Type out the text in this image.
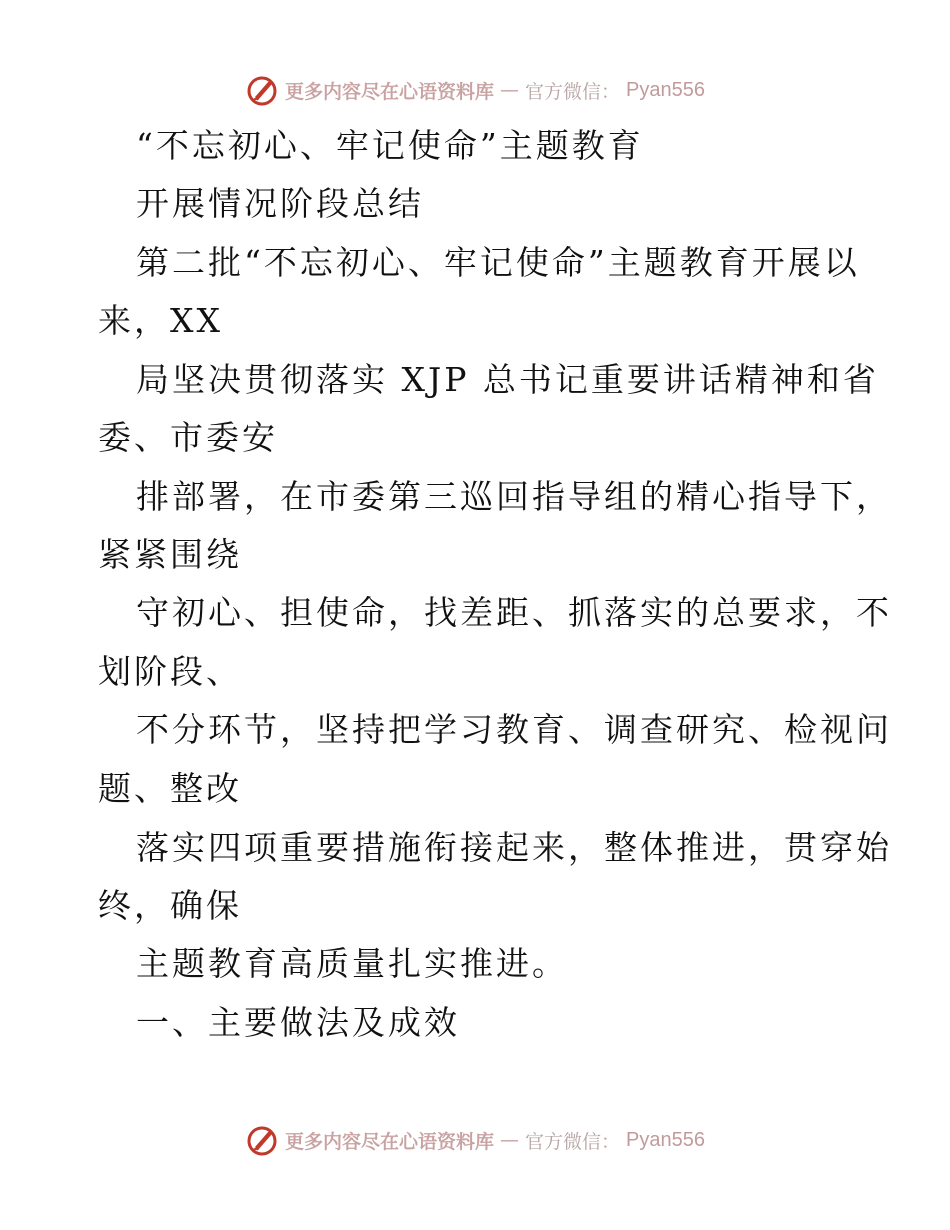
更多内容尽在心语资料库 — 官方微信： Pyan556
“不忘初心、牢记使命”主题教育
开展情况阶段总结
第二批“不忘初心、牢记使命”主题教育开展以
来，XX
局坚决贯彻落实 XJP 总书记重要讲话精神和省
委、市委安
排部署，在市委第三巡回指导组的精心指导下，
紧紧围绕
守初心、担使命，找差距、抓落实的总要求，不
划阶段、
不分环节，坚持把学习教育、调查研究、检视问
题、整改
落实四项重要措施衔接起来，整体推进，贯穿始
终，确保
主题教育高质量扎实推进。
一、主要做法及成效
更多内容尽在心语资料库 — 官方微信： Pyan556
